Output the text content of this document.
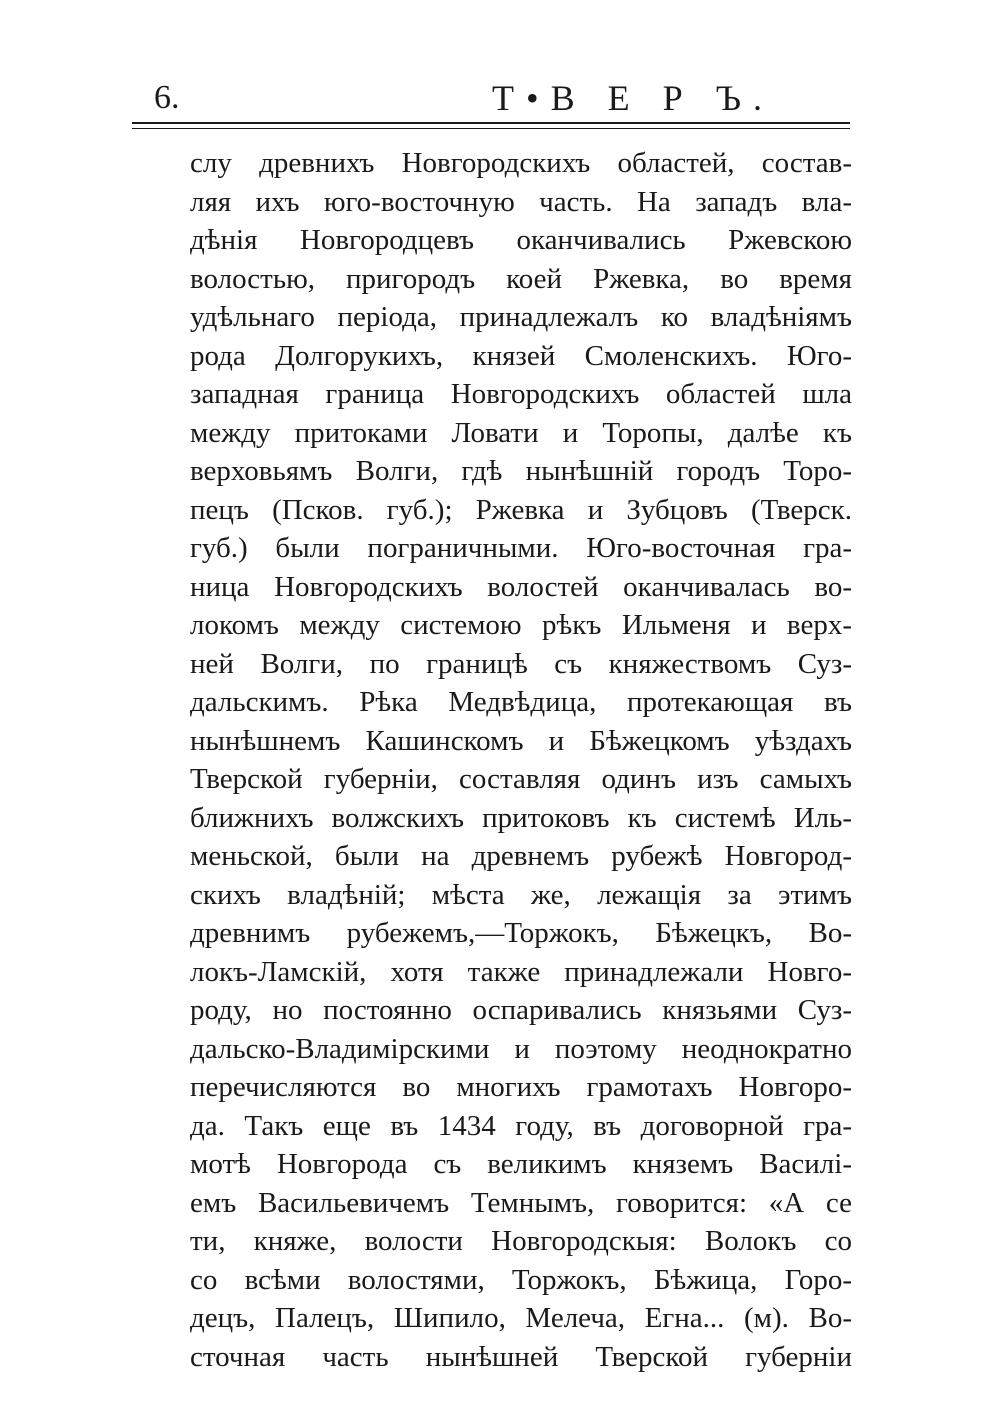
6.	Т•В Е Р Ъ.
слу древнихъ Новгородскихъ областей, состав-
ляя ихъ юго-восточную часть. На западъ вла-
дѣнія Новгородцевъ оканчивались Ржевскою
волостью, пригородъ коей Ржевка, во время
удѣльнаго періода, принадлежалъ ко владѣніямъ
рода Долгорукихъ, князей Смоленскихъ. Юго-
западная граница Новгородскихъ областей шла
между притоками Ловати и Торопы, далѣе къ
верховьямъ Волги, гдѣ нынѣшній городъ Торо-
пецъ (Псков. губ.); Ржевка и Зубцовъ (Тверск.
губ.) были пограничными. Юго-восточная гра-
ница Новгородскихъ волостей оканчивалась во-
локомъ между системою рѣкъ Ильменя и верх-
ней Волги, по границѣ съ княжествомъ Суз-
дальскимъ. Рѣка Медвѣдица, протекающая въ
нынѣшнемъ Кашинскомъ и Бѣжецкомъ уѣздахъ
Тверской губерніи, составляя одинъ изъ самыхъ
ближнихъ волжскихъ притоковъ къ системѣ Иль-
меньской, были на древнемъ рубежѣ Новгород-
скихъ владѣній; мѣста же, лежащія за этимъ
древнимъ рубежемъ,—Торжокъ, Бѣжецкъ, Во-
локъ-Ламскій, хотя также принадлежали Новго-
роду, но постоянно оспаривались князьями Суз-
дальско-Владимірскими и поэтому неоднократно
перечисляются во многихъ грамотахъ Новгоро-
да. Такъ еще въ 1434 году, въ договорной гра-
мотѣ Новгорода съ великимъ княземъ Василі-
емъ Васильевичемъ Темнымъ, говорится: «А се
ти, княже, волости Новгородскыя: Волокъ со
со всѣми волостями, Торжокъ, Бѣжица, Горо-
децъ, Палецъ, Шипило, Мелеча, Егна... (м). Во-
сточная часть нынѣшней Тверской губерніи
